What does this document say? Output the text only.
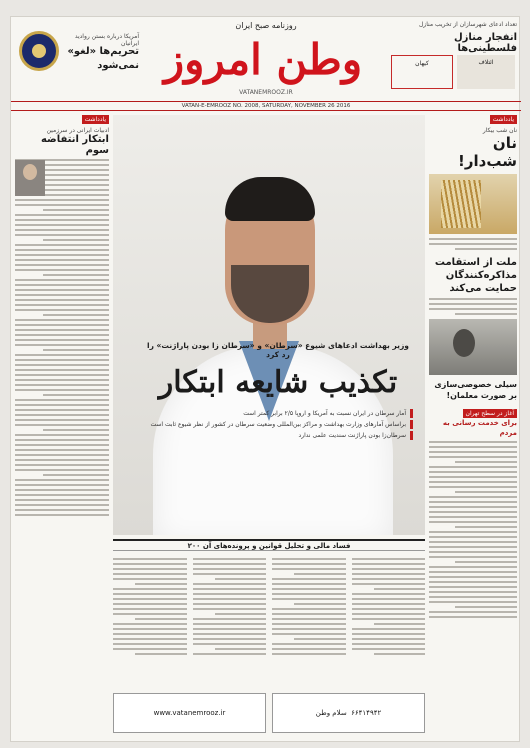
روزنامه صبح ایران
وطن امروز
VATANEMROOZ.IR
آمریکا درباره بستن روادید ایرانیان
تحریم‌ها «لغو» نمی‌شود
تعداد ادعای شهرسازان از تخریب منازل
انفجار منازل فلسطینی‌ها
کیهان	ائتلاف
VATAN-E-EMROOZ NO. 2008, SATURDAY, NOVEMBER 26 2016
یادداشت
ادبیات ایرانی در سرزمین
ابتکار انتفاضه سوم
یادداشت
نان شب بیکار
نان شب‌دار!
ملت از استقامت مذاکره‌کنندگان حمایت می‌کند
سیلی خصوصی‌سازی بر صورت معلمان!
آغاز در سطح تهران
برای خدمت رسانی به مردم
وزیر بهداشت ادعاهای شیوع «سرطان» و «سرطان زا بودن پاراژنت» را رد کرد
تکذیب شایعه ابتکار
آمار سرطان در ایران نسبت به آمریکا و اروپا ۲/۵ برابر کمتر است
براساس آمارهای وزارت بهداشت و مراکز بین‌المللی وضعیت سرطان در کشور از نظر شیوع ثابت است
سرطان‌زا بودن پاراژنت سندیت علمی ندارد
فساد مالی و تحلیل قوانین و پرونده‌های آن ۲۰۰
www.vatanemrooz.ir	۶۶۴۱۴۹۴۲

سلام وطن
